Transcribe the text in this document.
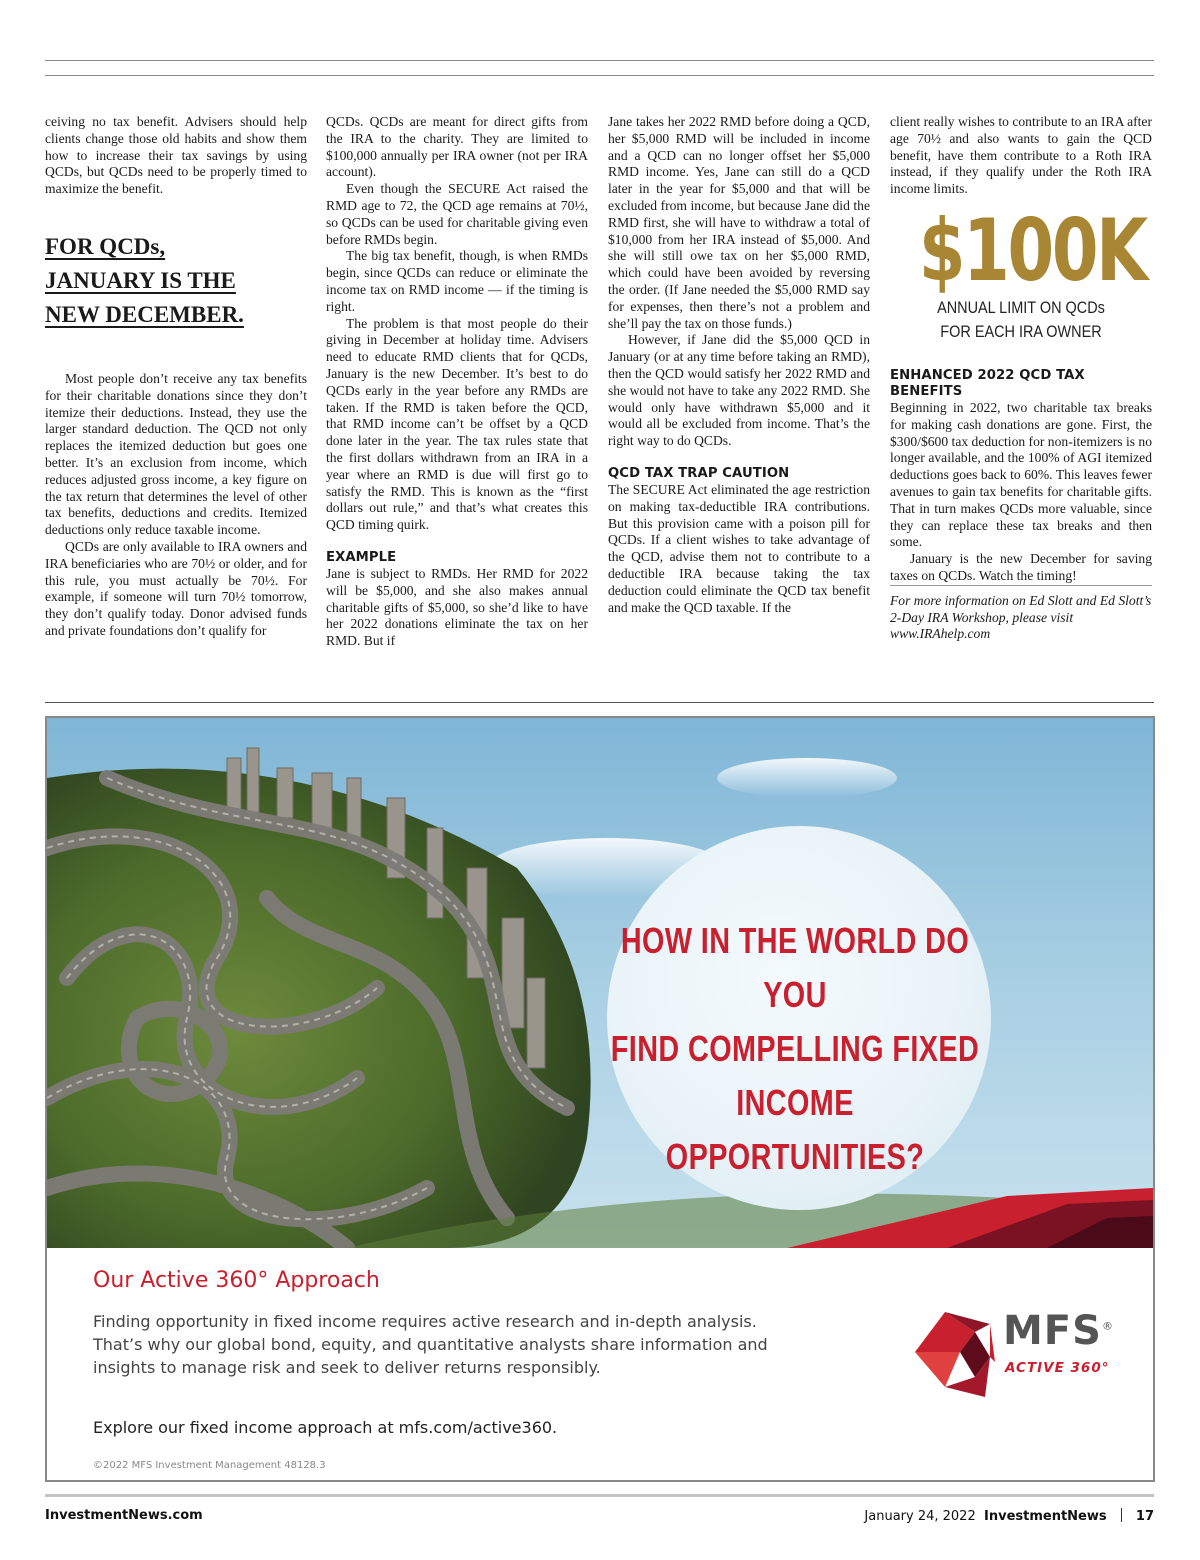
ceiving no tax benefit. Advisers should help clients change those old habits and show them how to increase their tax savings by using QCDs, but QCDs need to be properly timed to maximize the benefit.

FOR QCDs,
JANUARY IS THE
NEW DECEMBER.

Most people don’t receive any tax benefits for their charitable donations since they don’t itemize their deductions. Instead, they use the larger standard deduction. The QCD not only replaces the itemized deduction but goes one better. It’s an exclusion from income, which reduces adjusted gross income, a key figure on the tax return that determines the level of other tax benefits, deductions and credits. Itemized deductions only reduce taxable income.

QCDs are only available to IRA owners and IRA beneficiaries who are 70½ or older, and for this rule, you must actually be 70½. For example, if someone will turn 70½ tomorrow, they don’t qualify today. Donor advised funds and private foundations don’t qualify for

QCDs. QCDs are meant for direct gifts from the IRA to the charity. They are limited to $100,000 annually per IRA owner (not per IRA account).

Even though the SECURE Act raised the RMD age to 72, the QCD age remains at 70½, so QCDs can be used for charitable giving even before RMDs begin.

The big tax benefit, though, is when RMDs begin, since QCDs can reduce or eliminate the income tax on RMD income — if the timing is right.

The problem is that most people do their giving in December at holiday time. Advisers need to educate RMD clients that for QCDs, January is the new December. It’s best to do QCDs early in the year before any RMDs are taken. If the RMD is taken before the QCD, that RMD income can’t be offset by a QCD done later in the year. The tax rules state that the first dollars withdrawn from an IRA in a year where an RMD is due will first go to satisfy the RMD. This is known as the “first dollars out rule,” and that’s what creates this QCD timing quirk.

EXAMPLE

Jane is subject to RMDs. Her RMD for 2022 will be $5,000, and she also makes annual charitable gifts of $5,000, so she’d like to have her 2022 donations eliminate the tax on her RMD. But if

Jane takes her 2022 RMD before doing a QCD, her $5,000 RMD will be included in income and a QCD can no longer offset her $5,000 RMD income. Yes, Jane can still do a QCD later in the year for $5,000 and that will be excluded from income, but because Jane did the RMD first, she will have to withdraw a total of $10,000 from her IRA instead of $5,000. And she will still owe tax on her $5,000 RMD, which could have been avoided by reversing the order. (If Jane needed the $5,000 RMD say for expenses, then there’s not a problem and she’ll pay the tax on those funds.)

However, if Jane did the $5,000 QCD in January (or at any time before taking an RMD), then the QCD would satisfy her 2022 RMD and she would not have to take any 2022 RMD. She would only have withdrawn $5,000 and it would all be excluded from income. That’s the right way to do QCDs.

QCD TAX TRAP CAUTION

The SECURE Act eliminated the age restriction on making tax-deductible IRA contributions. But this provision came with a poison pill for QCDs. If a client wishes to take advantage of the QCD, advise them not to contribute to a deductible IRA because taking the tax deduction could eliminate the QCD tax benefit and make the QCD taxable. If the

client really wishes to contribute to an IRA after age 70½ and also wants to gain the QCD benefit, have them contribute to a Roth IRA instead, if they qualify under the Roth IRA income limits.

$100K
ANNUAL LIMIT ON QCDs
FOR EACH IRA OWNER
ENHANCED 2022 QCD TAX BENEFITS

Beginning in 2022, two charitable tax breaks for making cash donations are gone. First, the $300/$600 tax deduction for non-itemizers is no longer available, and the 100% of AGI itemized deductions goes back to 60%. This leaves fewer avenues to gain tax benefits for charitable gifts. That in turn makes QCDs more valuable, since they can replace these tax breaks and then some.

January is the new December for saving taxes on QCDs. Watch the timing!

For more information on Ed Slott and Ed Slott’s 2-Day IRA Workshop, please visit www.IRAhelp.com

HOW IN THE WORLD DO YOU
FIND COMPELLING FIXED
INCOME OPPORTUNITIES?
Our Active 360° Approach
Finding opportunity in fixed income requires active research and in-depth analysis.
That’s why our global bond, equity, and quantitative analysts share information and
insights to manage risk and seek to deliver returns responsibly.
Explore our fixed income approach at mfs.com/active360.
©2022 MFS Investment Management 48128.3
MFS®
ACTIVE 360°
InvestmentNews.com	January 24, 2022 InvestmentNews 17
